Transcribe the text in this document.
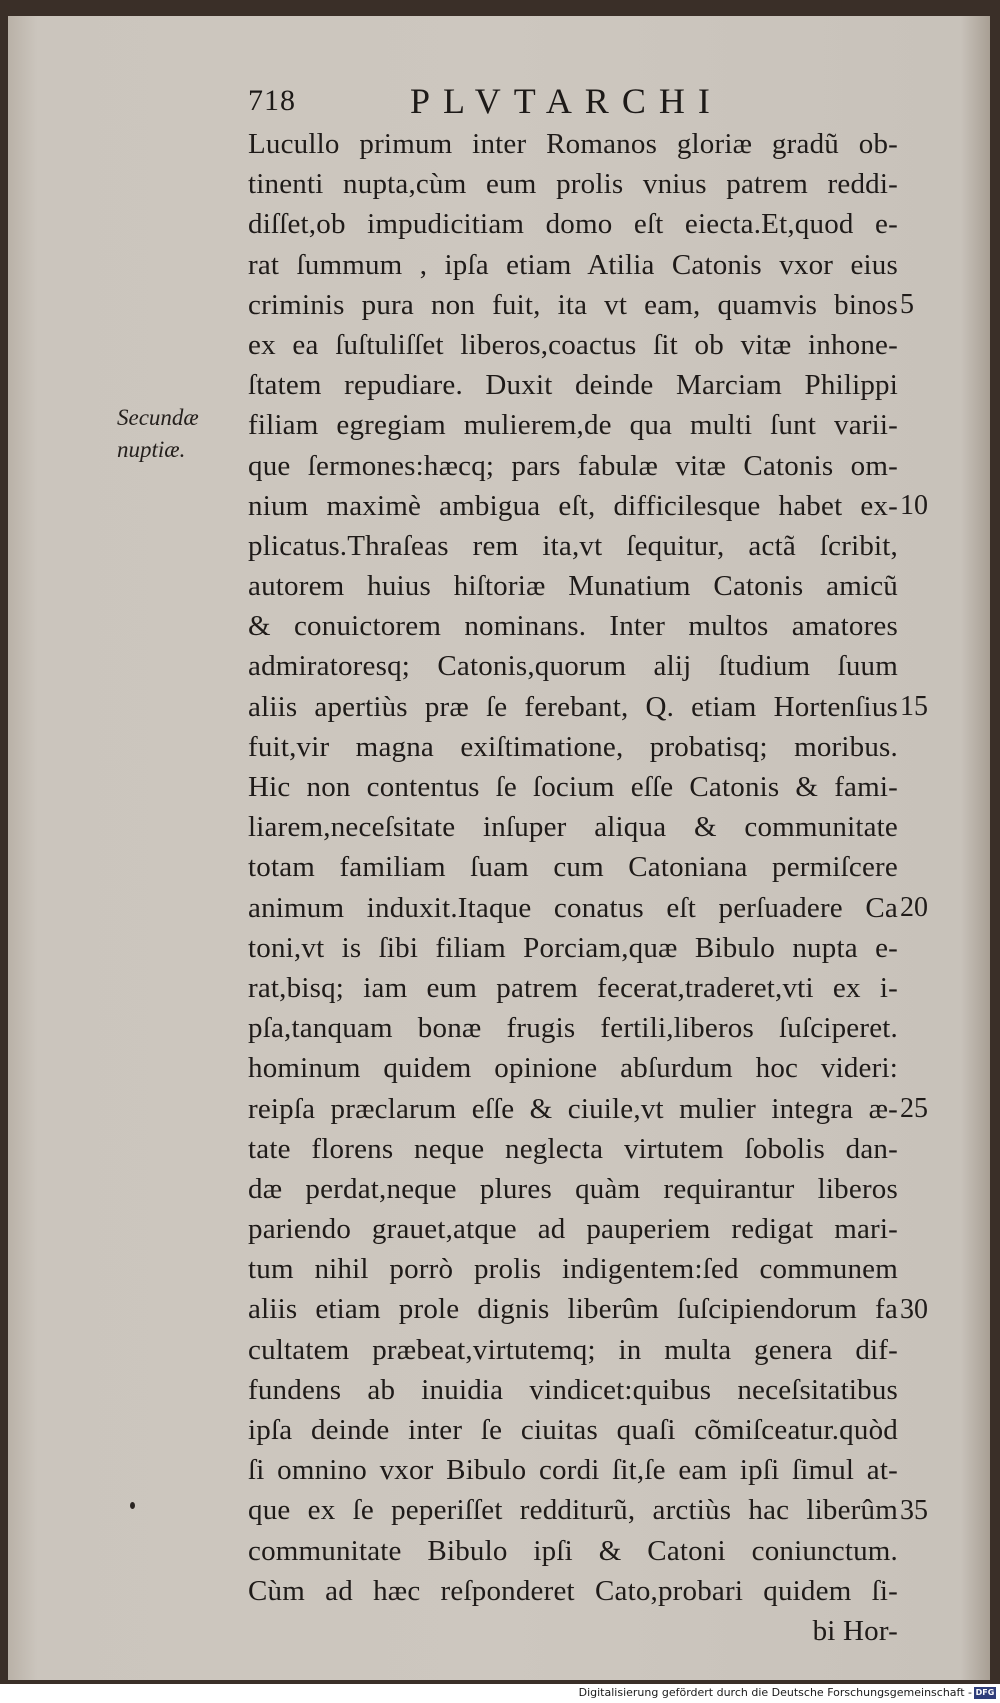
718	PLVTARCHI
Secundæ
nuptiæ.
Lucullo primum inter Romanos gloriæ gradũ ob-
tinenti nupta,cùm eum prolis vnius patrem reddi-
diſſet,ob impudicitiam domo eſt eiecta.Et,quod e-
rat ſummum , ipſa etiam Atilia Catonis vxor eius
criminis pura non fuit, ita vt eam, quamvis binos
ex ea ſuſtuliſſet liberos,coactus ſit ob vitæ inhone-
ſtatem repudiare. Duxit deinde Marciam Philippi
filiam egregiam mulierem,de qua multi ſunt varii-
que ſermones:hæcq; pars fabulæ vitæ Catonis om-
nium maximè ambigua eſt, difficilesque habet ex-
plicatus.Thraſeas rem ita,vt ſequitur, actã ſcribit,
autorem huius hiſtoriæ Munatium Catonis amicũ
& conuictorem nominans. Inter multos amatores
admiratoresq; Catonis,quorum alij ſtudium ſuum
aliis apertiùs præ ſe ferebant, Q. etiam Hortenſius
fuit,vir magna exiſtimatione, probatisq; moribus.
Hic non contentus ſe ſocium eſſe Catonis & fami-
liarem,neceſsitate inſuper aliqua & communitate
totam familiam ſuam cum Catoniana permiſcere
animum induxit.Itaque conatus eſt perſuadere Ca
toni,vt is ſibi filiam Porciam,quæ Bibulo nupta e-
rat,bisq; iam eum patrem fecerat,traderet,vti ex i-
pſa,tanquam bonæ frugis fertili,liberos ſuſciperet.
hominum quidem opinione abſurdum hoc videri:
reipſa præclarum eſſe & ciuile,vt mulier integra æ-
tate florens neque neglecta virtutem ſobolis dan-
dæ perdat,neque plures quàm requirantur liberos
pariendo grauet,atque ad pauperiem redigat mari-
tum nihil porrò prolis indigentem:ſed communem
aliis etiam prole dignis liberûm ſuſcipiendorum fa
cultatem præbeat,virtutemq; in multa genera dif-
fundens ab inuidia vindicet:quibus neceſsitatibus
ipſa deinde inter ſe ciuitas quaſi cõmiſceatur.quòd
ſi omnino vxor Bibulo cordi ſit,ſe eam ipſi ſimul at-
que ex ſe peperiſſet redditurũ, arctiùs hac liberûm
communitate Bibulo ipſi & Catoni coniunctum.
Cùm ad hæc reſponderet Cato,probari quidem ſi-
bi Hor-
5
10
15
20
25
30
35
Digitalisierung gefördert durch die Deutsche Forschungsgemeinschaft - DFG
